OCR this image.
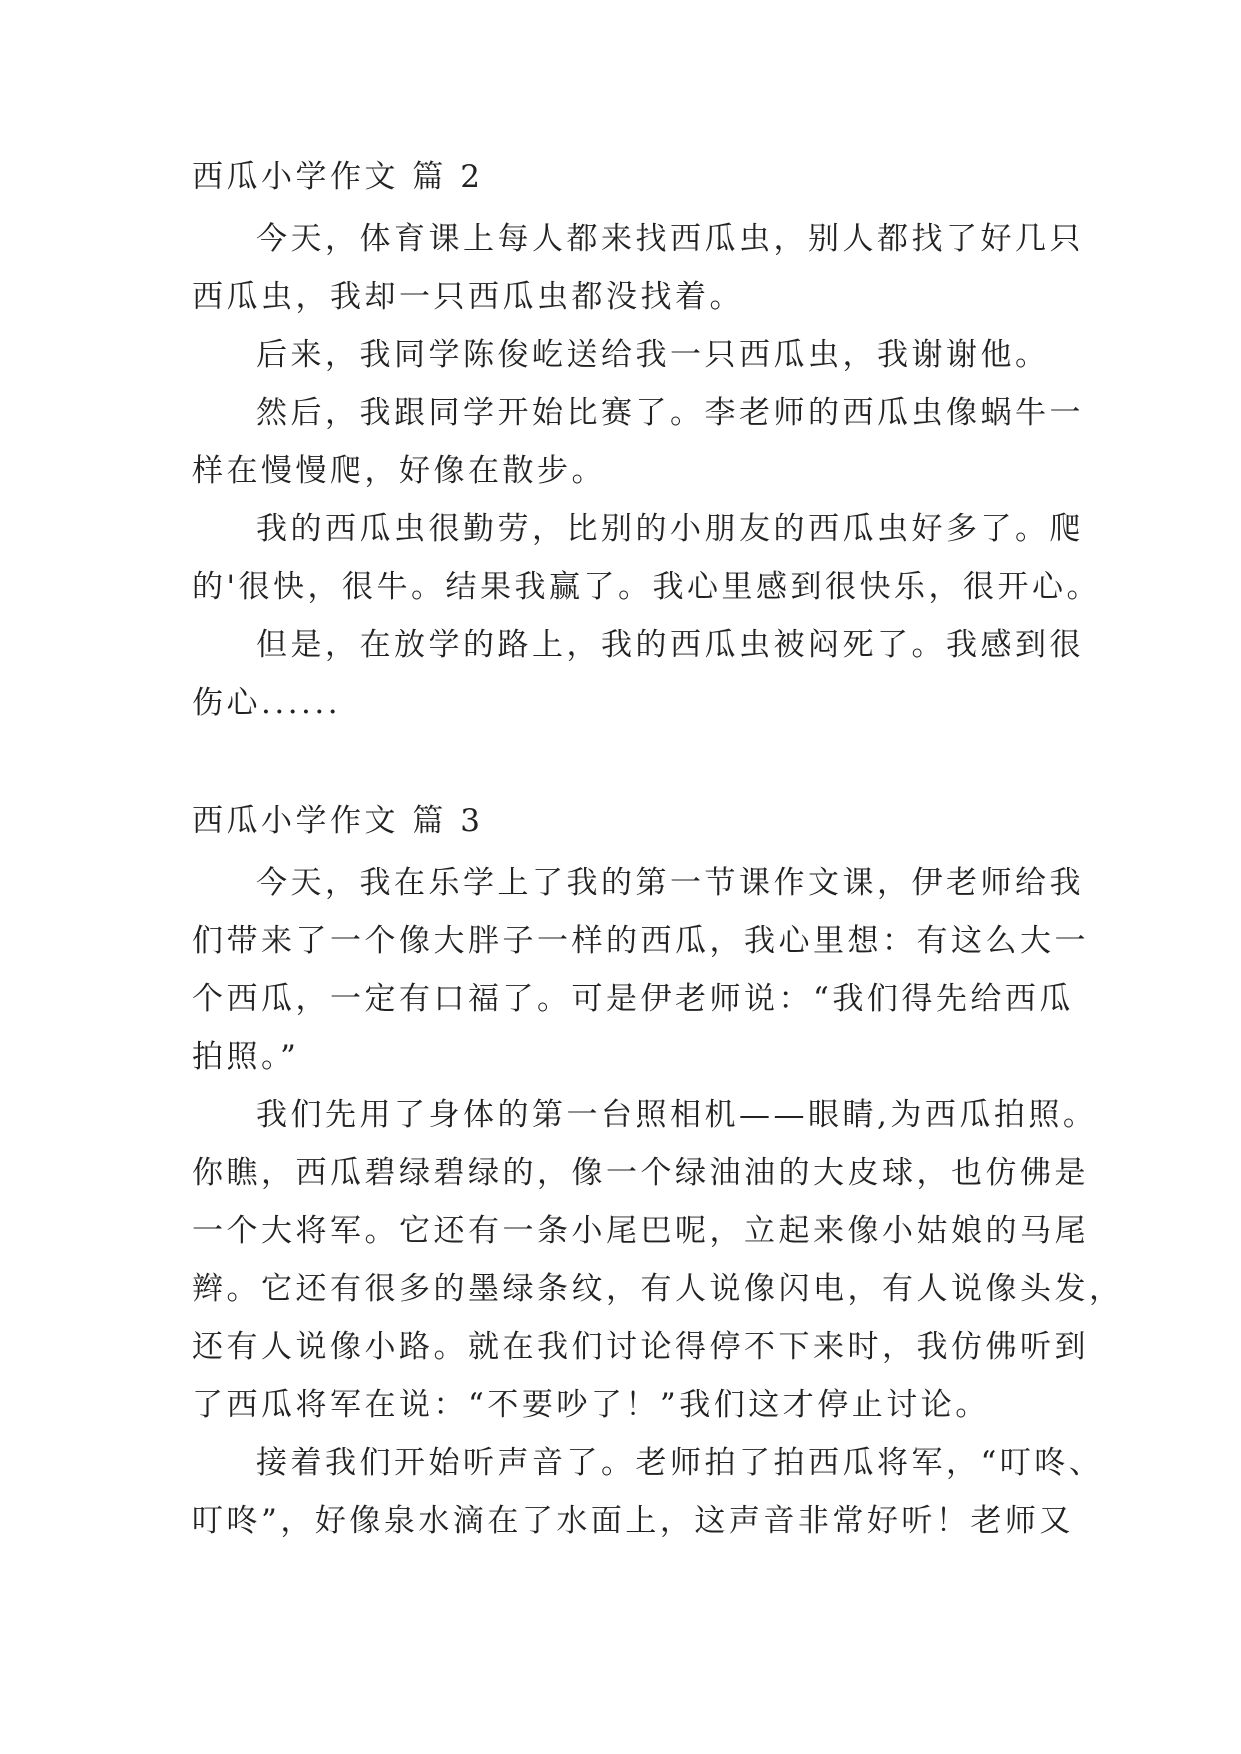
西瓜小学作文 篇 2
今天，体育课上每人都来找西瓜虫，别人都找了好几只
西瓜虫，我却一只西瓜虫都没找着。
后来，我同学陈俊屹送给我一只西瓜虫，我谢谢他。
然后，我跟同学开始比赛了。李老师的西瓜虫像蜗牛一
样在慢慢爬，好像在散步。
我的西瓜虫很勤劳，比别的小朋友的西瓜虫好多了。爬
的'很快，很牛。结果我赢了。我心里感到很快乐，很开心。
但是，在放学的路上，我的西瓜虫被闷死了。我感到很
伤心......
西瓜小学作文 篇 3
今天，我在乐学上了我的第一节课作文课，伊老师给我
们带来了一个像大胖子一样的西瓜，我心里想：有这么大一
个西瓜，一定有口福了。可是伊老师说：“我们得先给西瓜
拍照。”
我们先用了身体的第一台照相机——眼睛,为西瓜拍照。
你瞧，西瓜碧绿碧绿的，像一个绿油油的大皮球，也仿佛是
一个大将军。它还有一条小尾巴呢，立起来像小姑娘的马尾
辫。它还有很多的墨绿条纹，有人说像闪电，有人说像头发，
还有人说像小路。就在我们讨论得停不下来时，我仿佛听到
了西瓜将军在说：“不要吵了！”我们这才停止讨论。
接着我们开始听声音了。老师拍了拍西瓜将军，“叮咚、
叮咚”，好像泉水滴在了水面上，这声音非常好听！老师又
